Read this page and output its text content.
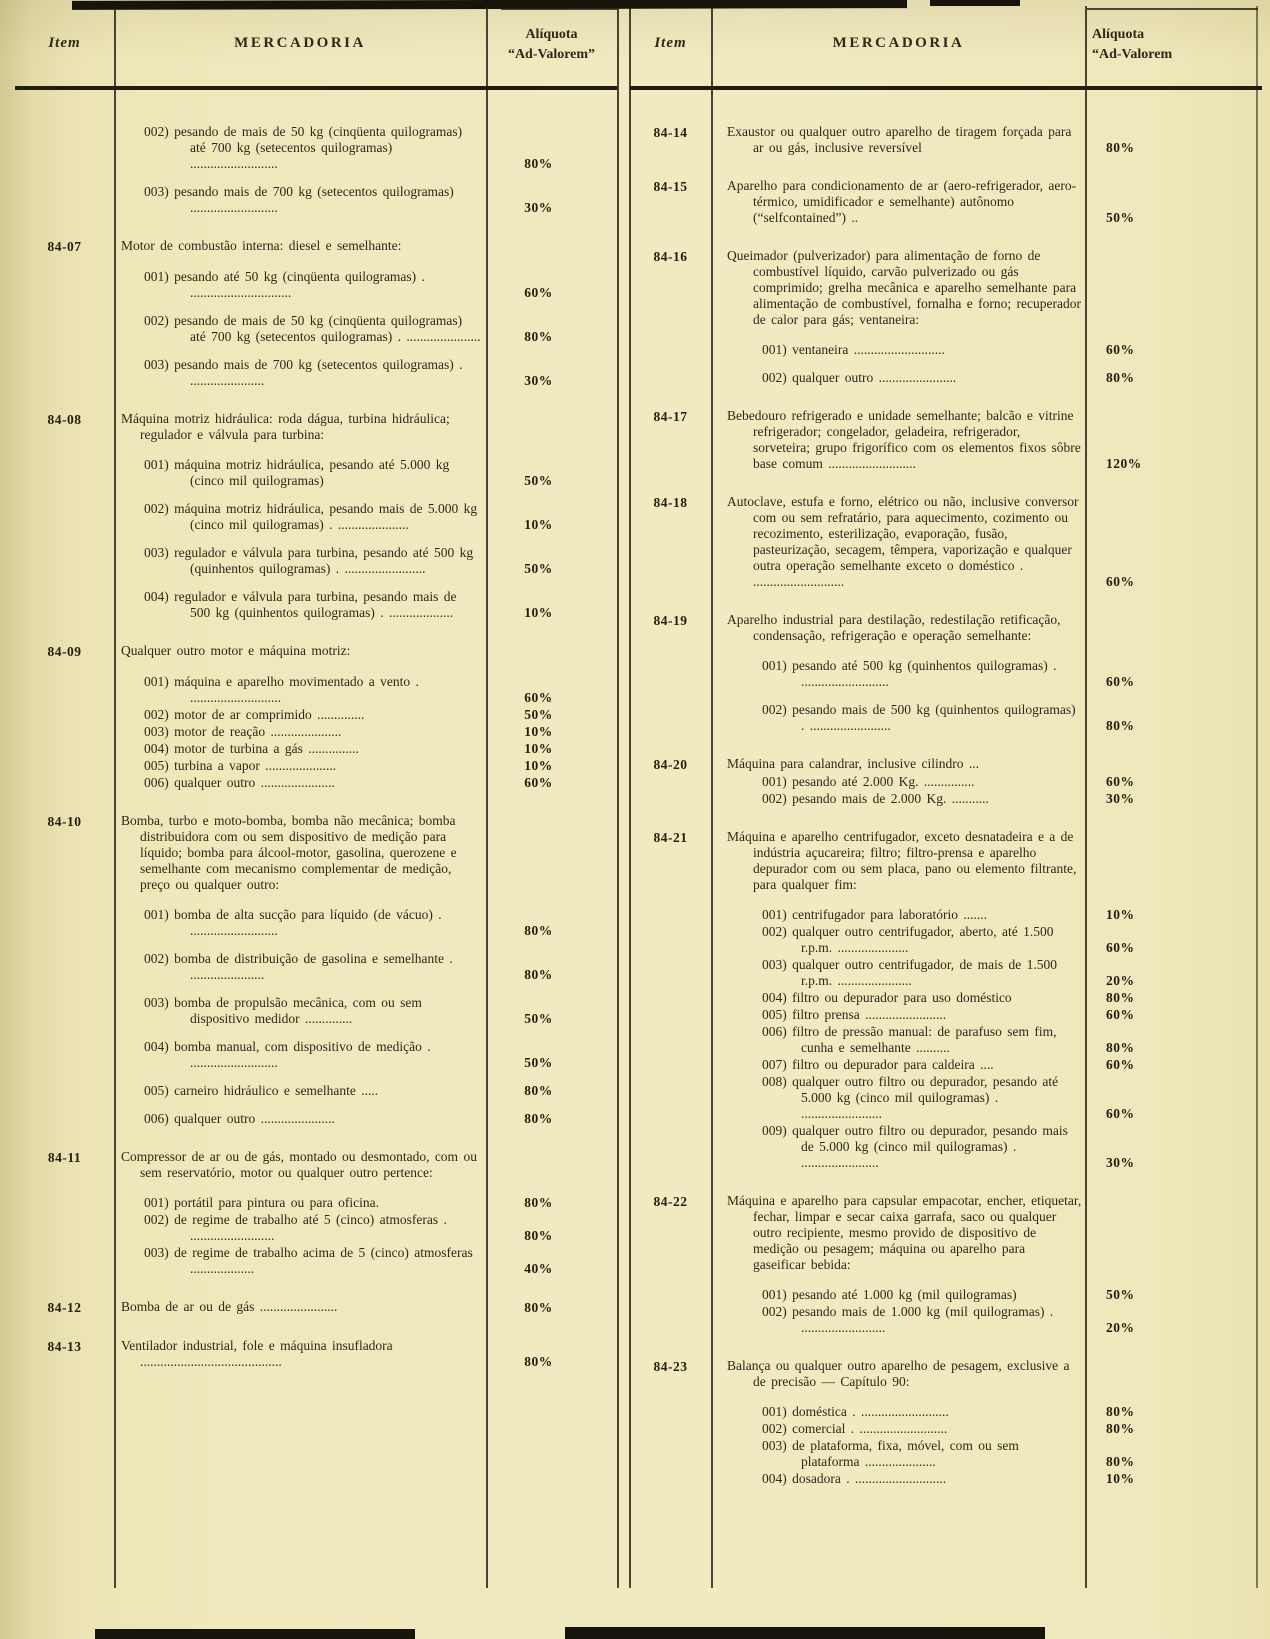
Item	MERCADORIA	Alíquota
“Ad-Valorem”
002) pesando de mais de 50 kg (cinqüenta quilogramas) até 700 kg (setecentos quilogramas) ..........................	80%
003) pesando mais de 700 kg (setecentos quilogramas) ..........................	30%
84-07	Motor de combustão interna: diesel e semelhante:
001) pesando até 50 kg (cinqüenta quilogramas) . ..............................	60%
002) pesando de mais de 50 kg (cinqüenta quilogramas) até 700 kg (setecentos quilogramas) . ......................	80%
003) pesando mais de 700 kg (setecentos quilogramas) . ......................	30%
84-08	Máquina motriz hidráulica: roda dágua, turbina hidráulica; regulador e válvula para turbina:
001) máquina motriz hidráulica, pesando até 5.000 kg (cinco mil quilogramas)	50%
002) máquina motriz hidráulica, pesando mais de 5.000 kg (cinco mil quilogramas) . .....................	10%
003) regulador e válvula para turbina, pesando até 500 kg (quinhentos quilogramas) . ........................	50%
004) regulador e válvula para turbina, pesando mais de 500 kg (quinhentos quilogramas) . ...................	10%
84-09	Qualquer outro motor e máquina motriz:
001) máquina e aparelho movimentado a vento . ...........................	60%
002) motor de ar comprimido ..............	50%
003) motor de reação .....................	10%
004) motor de turbina a gás ...............	10%
005) turbina a vapor .....................	10%
006) qualquer outro ......................	60%
84-10	Bomba, turbo e moto-bomba, bomba não mecânica; bomba distribuidora com ou sem dispositivo de medição para líquido; bomba para álcool-motor, gasolina, querozene e semelhante com mecanismo complementar de medição, preço ou qualquer outro:
001) bomba de alta sucção para líquido (de vácuo) . ..........................	80%
002) bomba de distribuição de gasolina e semelhante . ......................	80%
003) bomba de propulsão mecânica, com ou sem dispositivo medidor ..............	50%
004) bomba manual, com dispositivo de medição . ..........................	50%
005) carneiro hidráulico e semelhante .....	80%
006) qualquer outro ......................	80%
84-11	Compressor de ar ou de gás, montado ou desmontado, com ou sem reservatório, motor ou qualquer outro pertence:
001) portátil para pintura ou para oficina.	80%
002) de regime de trabalho até 5 (cinco) atmosferas . .........................	80%
003) de regime de trabalho acima de 5 (cinco) atmosferas ...................	40%
84-12	Bomba de ar ou de gás .......................	80%
84-13	Ventilador industrial, fole e máquina insufladora ..........................................	80%
Item	MERCADORIA	Alíquota
“Ad-Valorem
84-14	Exaustor ou qualquer outro aparelho de tiragem forçada para ar ou gás, inclusive reversível	80%
84-15	Aparelho para condicionamento de ar (aero-refrigerador, aero-térmico, umidificador e semelhante) autônomo (“selfcontained”) ..	50%
84-16	Queimador (pulverizador) para alimentação de forno de combustível líquido, carvão pulverizado ou gás comprimido; grelha mecânica e aparelho semelhante para alimentação de combustível, fornalha e forno; recuperador de calor para gás; ventaneira:
001) ventaneira ...........................	60%
002) qualquer outro .......................	80%
84-17	Bebedouro refrigerado e unidade semelhante; balcão e vitrine refrigerador; congelador, geladeira, refrigerador, sorveteira; grupo frigorífico com os elementos fixos sôbre base comum ..........................	120%
84-18	Autoclave, estufa e forno, elétrico ou não, inclusive conversor com ou sem refratário, para aquecimento, cozimento ou recozimento, esterilização, evaporação, fusão, pasteurização, secagem, têmpera, vaporização e qualquer outra operação semelhante exceto o doméstico . ...........................	60%
84-19	Aparelho industrial para destilação, redestilação retificação, condensação, refrigeração e operação semelhante:
001) pesando até 500 kg (quinhentos quilogramas) . ..........................	60%
002) pesando mais de 500 kg (quinhentos quilogramas) . ........................	80%
84-20	Máquina para calandrar, inclusive cilindro ...
001) pesando até 2.000 Kg. ...............	60%
002) pesando mais de 2.000 Kg. ...........	30%
84-21	Máquina e aparelho centrifugador, exceto desnatadeira e a de indústria açucareira; filtro; filtro-prensa e aparelho depurador com ou sem placa, pano ou elemento filtrante, para qualquer fim:
001) centrifugador para laboratório .......	10%
002) qualquer outro centrifugador, aberto, até 1.500 r.p.m. .....................	60%
003) qualquer outro centrifugador, de mais de 1.500 r.p.m. ......................	20%
004) filtro ou depurador para uso doméstico	80%
005) filtro prensa ........................	60%
006) filtro de pressão manual: de parafuso sem fim, cunha e semelhante ..........	80%
007) filtro ou depurador para caldeira ....	60%
008) qualquer outro filtro ou depurador, pesando até 5.000 kg (cinco mil quilogramas) . ........................	60%
009) qualquer outro filtro ou depurador, pesando mais de 5.000 kg (cinco mil quilogramas) . .......................	30%
84-22	Máquina e aparelho para capsular empacotar, encher, etiquetar, fechar, limpar e secar caixa garrafa, saco ou qualquer outro recipiente, mesmo provido de dispositivo de medição ou pesagem; máquina ou aparelho para gaseificar bebida:
001) pesando até 1.000 kg (mil quilogramas)	50%
002) pesando mais de 1.000 kg (mil quilogramas) . .........................	20%
84-23	Balança ou qualquer outro aparelho de pesagem, exclusive a de precisão — Capítulo 90:
001) doméstica . ..........................	80%
002) comercial . ..........................	80%
003) de plataforma, fixa, móvel, com ou sem plataforma .....................	80%
004) dosadora . ...........................	10%
